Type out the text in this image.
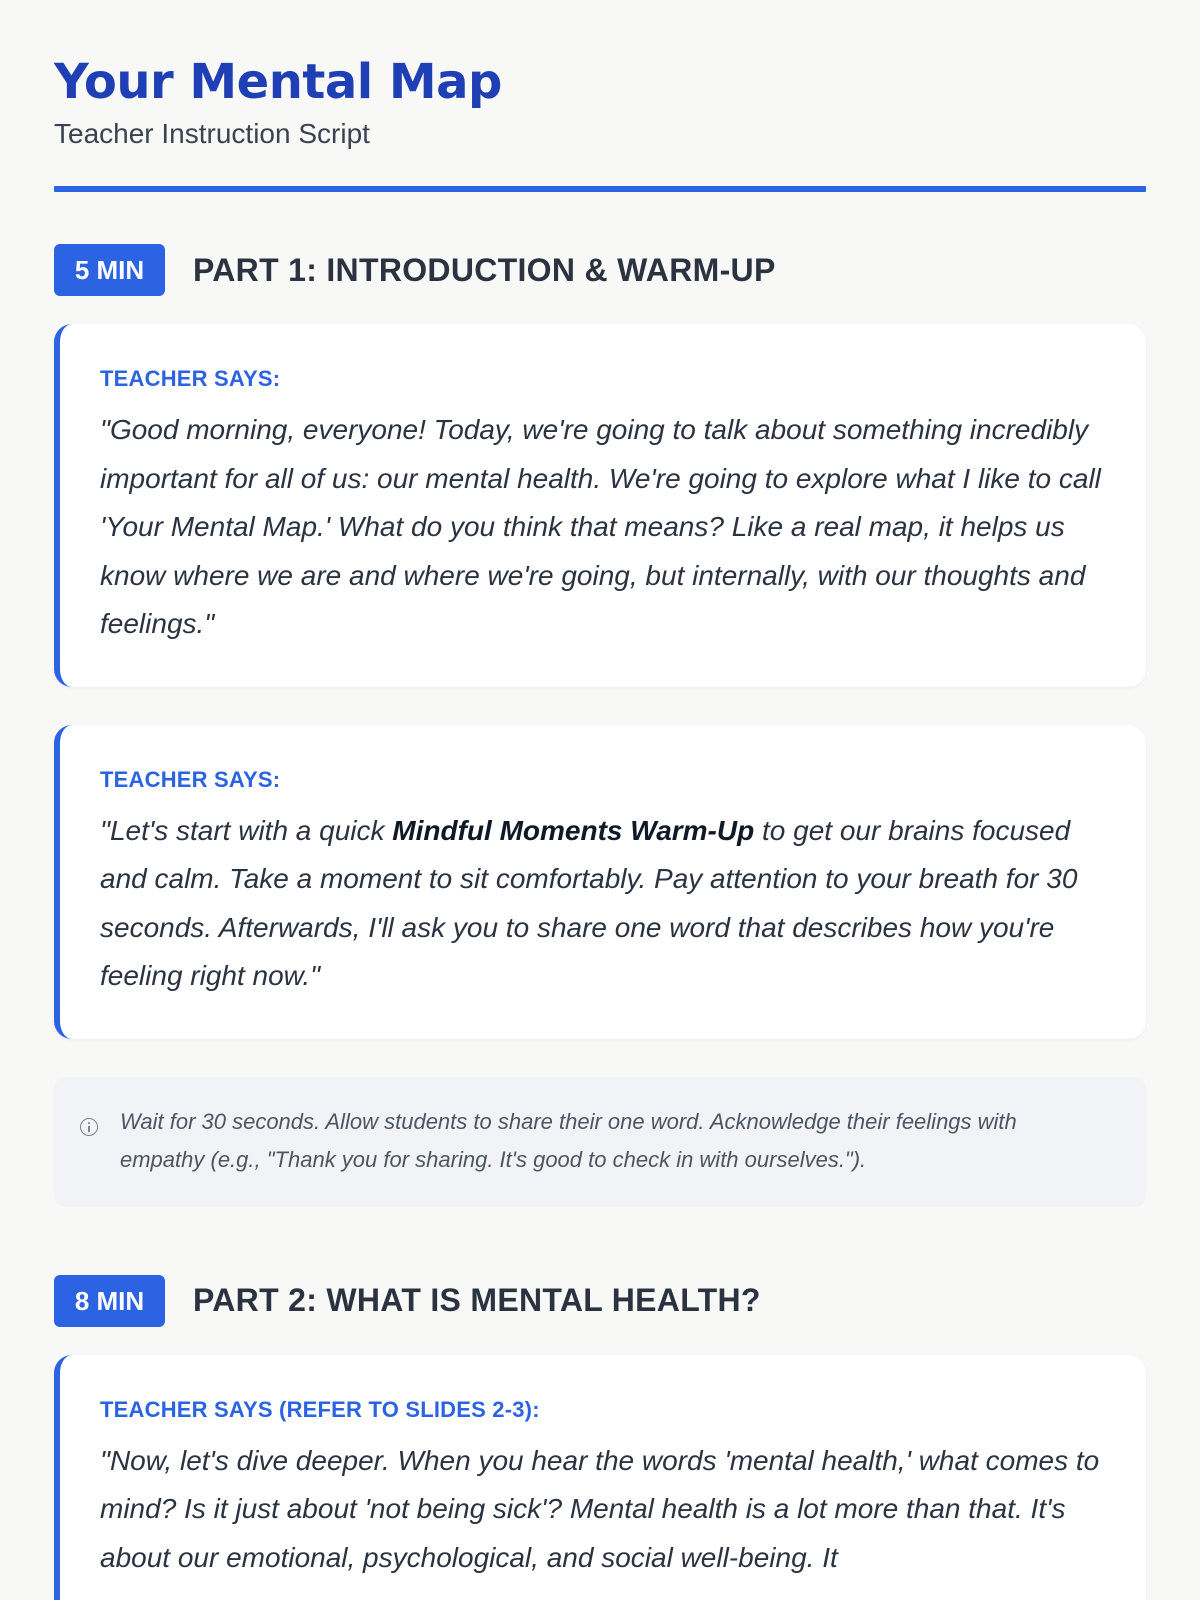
Your Mental Map
Teacher Instruction Script
5 MIN	PART 1: INTRODUCTION & WARM-UP
TEACHER SAYS:

"Good morning, everyone! Today, we're going to talk about something incredibly important for all of us: our mental health. We're going to explore what I like to call 'Your Mental Map.' What do you think that means? Like a real map, it helps us know where we are and where we're going, but internally, with our thoughts and feelings."

TEACHER SAYS:

"Let's start with a quick Mindful Moments Warm-Up to get our brains focused and calm. Take a moment to sit comfortably. Pay attention to your breath for 30 seconds. Afterwards, I'll ask you to share one word that describes how you're feeling right now."

Wait for 30 seconds. Allow students to share their one word. Acknowledge their feelings with empathy (e.g., "Thank you for sharing. It's good to check in with ourselves.").

8 MIN	PART 2: WHAT IS MENTAL HEALTH?
TEACHER SAYS (REFER TO SLIDES 2-3):

"Now, let's dive deeper. When you hear the words 'mental health,' what comes to mind? Is it just about 'not being sick'? Mental health is a lot more than that. It's about our emotional, psychological, and social well-being. It
